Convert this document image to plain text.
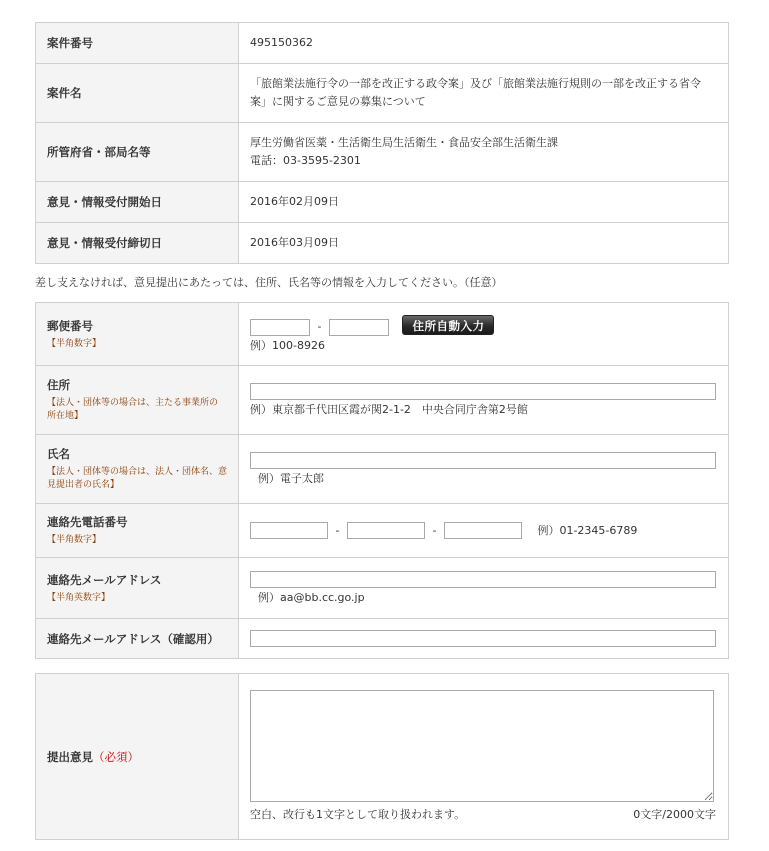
案件番号	495150362
案件名	「旅館業法施行令の一部を改正する政令案」及び「旅館業法施行規則の一部を改正する省令
案」に関するご意見の募集について
所管府省・部局名等	厚生労働省医薬・生活衛生局生活衛生・食品安全部生活衛生課
電話：03-3595-2301
意見・情報受付開始日	2016年02月09日
意見・情報受付締切日	2016年03月09日
差し支えなければ、意見提出にあたっては、住所、氏名等の情報を入力してください。（任意）
郵便番号
【半角数字】	- 住所自動入力
例）100-8926

住所
【法人・団体等の場合は、主たる事業所の
所在地】	例）東京都千代田区霞が関2-1-2　中央合同庁舎第2号館

氏名
【法人・団体等の場合は、法人・団体名、意
見提出者の氏名】	例）電子太郎

連絡先電話番号
【半角数字】	- - 例）01-2345-6789
連絡先メールアドレス
【半角英数字】	例）aa@bb.cc.go.jp

連絡先メールアドレス（確認用）	
提出意見（必須）	
空白、改行も1文字として取り扱われます。	0文字/2000文字
